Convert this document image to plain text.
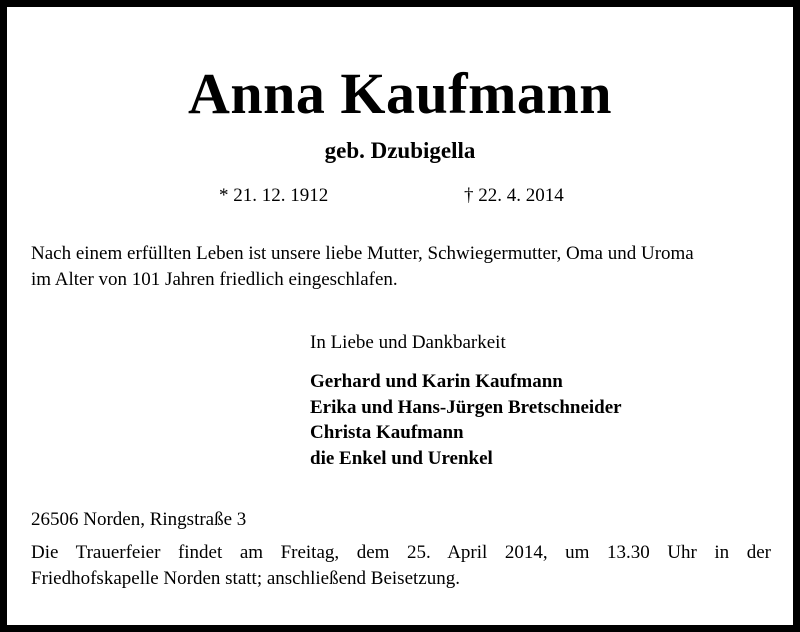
Anna Kaufmann
geb. Dzubigella
* 21. 12. 1912	† 22. 4. 2014

Nach einem erfüllten Leben ist unsere liebe Mutter, Schwiegermutter, Oma und Uroma

im Alter von 101 Jahren friedlich eingeschlafen.

In Liebe und Dankbarkeit
Gerhard und Karin Kaufmann
Erika und Hans-Jürgen Bretschneider
Christa Kaufmann
die Enkel und Urenkel
26506 Norden, Ringstraße 3
Die Trauerfeier findet am Freitag, dem 25. April 2014, um 13.30 Uhr in der
Friedhofskapelle Norden statt; anschließend Beisetzung.
